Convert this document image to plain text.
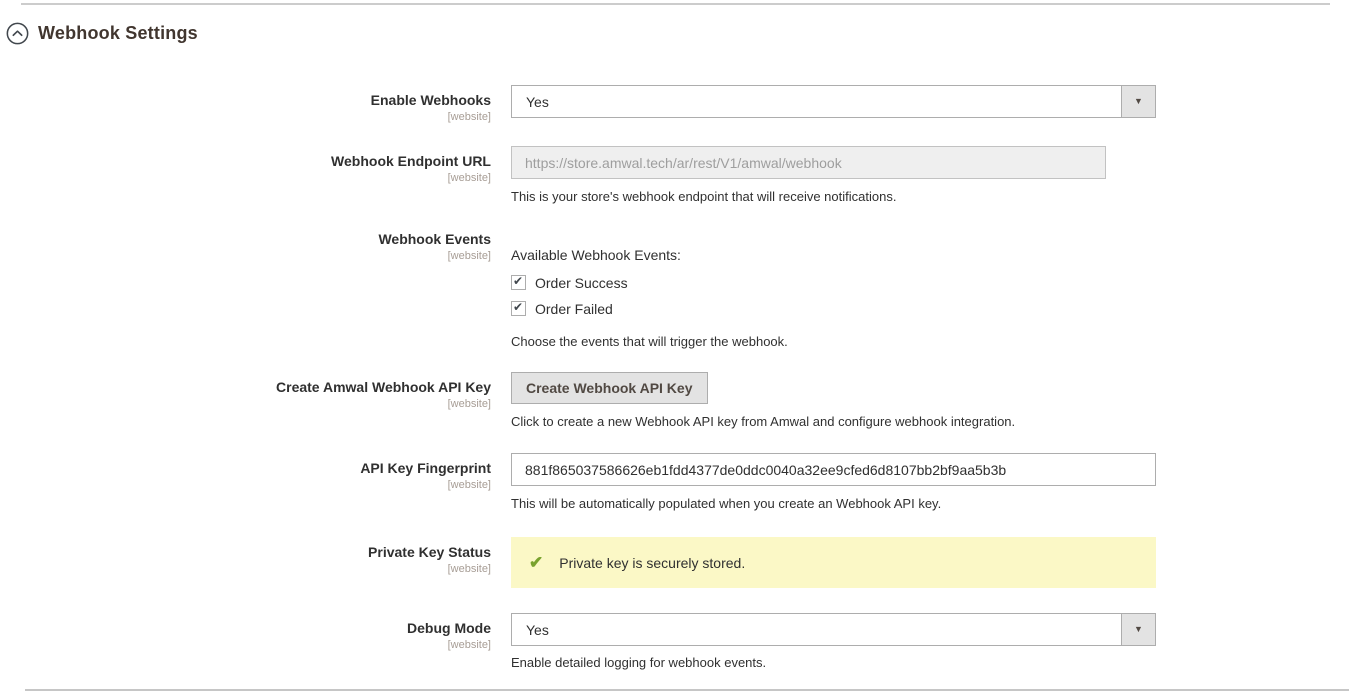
Webhook Settings
Enable Webhooks
[website]
Yes	▼
Webhook Endpoint URL
[website]
https://store.amwal.tech/ar/rest/V1/amwal/webhook
This is your store's webhook endpoint that will receive notifications.
Webhook Events
[website] Available Webhook Events:
Order Success
Order Failed
Choose the events that will trigger the webhook.
Create Amwal Webhook API Key
[website]
Create Webhook API Key
Click to create a new Webhook API key from Amwal and configure webhook integration.
API Key Fingerprint
[website]
881f865037586626eb1fdd4377de0ddc0040a32ee9cfed6d8107bb2bf9aa5b3b
This will be automatically populated when you create an Webhook API key.
Private Key Status
[website] ✔ Private key is securely stored.
Debug Mode
[website]
Yes	▼
Enable detailed logging for webhook events.
